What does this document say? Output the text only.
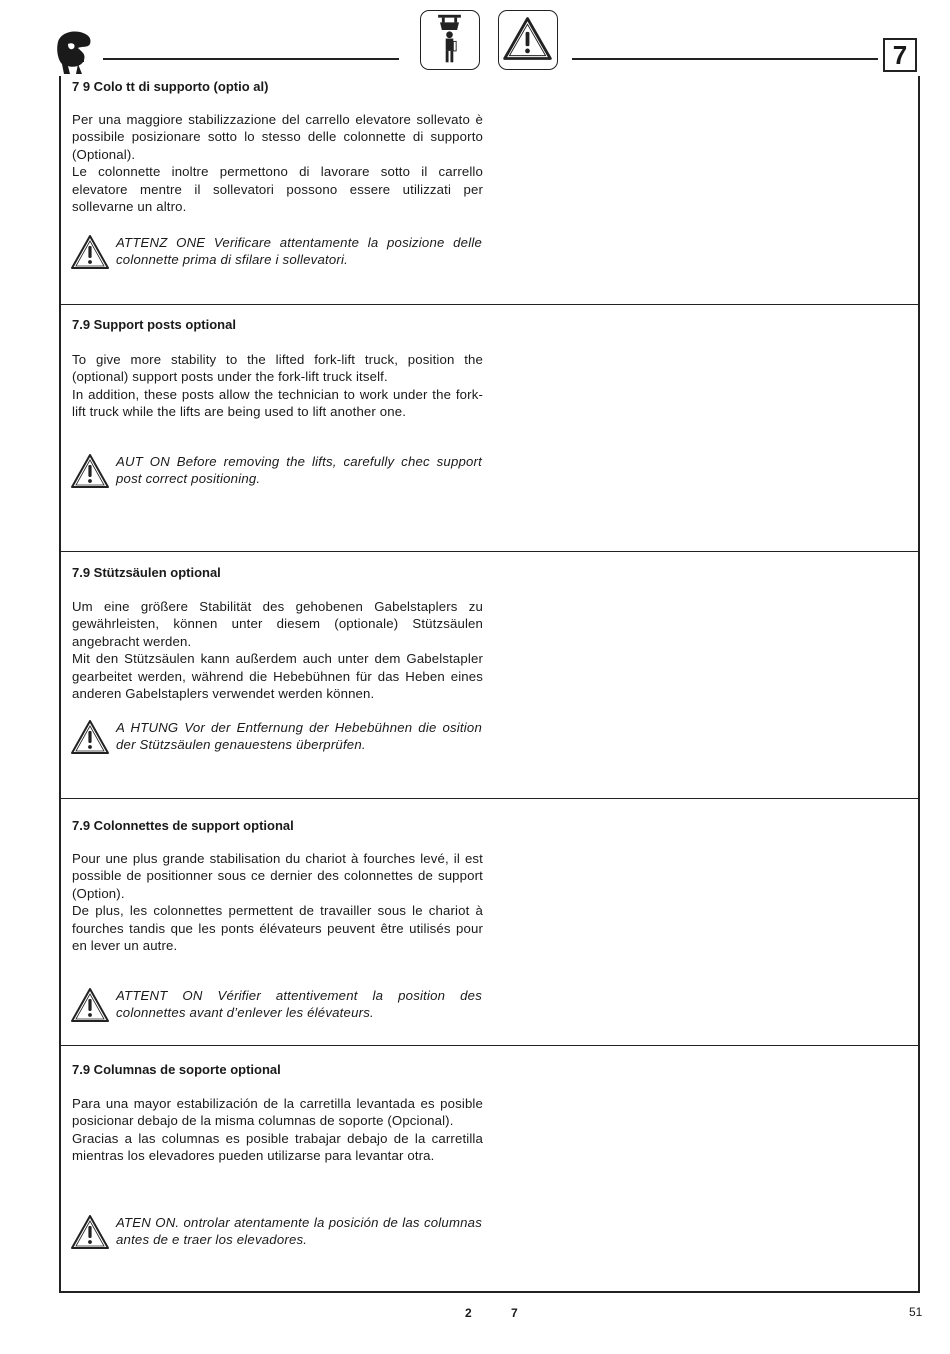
7
7 9 Colo tt di supporto (optio al)

Per una maggiore stabilizzazione del carrello elevatore sollevato è possibile posizionare sotto lo stesso delle colonnette di supporto (Optional).

Le colonnette inoltre permettono di lavorare sotto il carrello elevatore mentre il sollevatori possono essere utilizzati per sollevarne un altro.

ATTENZ ONE Verificare attentamente la posizione delle colonnette prima di sfilare i sollevatori.
7.9 Support posts optional

To give more stability to the lifted fork-lift truck, position the (optional) support posts under the fork-lift truck itself.

In addition, these posts allow the technician to work under the fork-lift truck while the lifts are being used to lift another one.

AUT ON Before removing the lifts, carefully chec support post correct positioning.
7.9 Stützsäulen optional

Um eine größere Stabilität des gehobenen Gabelstaplers zu gewährleisten, können unter diesem (optionale) Stützsäulen angebracht werden.

Mit den Stützsäulen kann außerdem auch unter dem Gabelstapler gearbeitet werden, während die Hebebühnen für das Heben eines anderen Gabelstaplers verwendet werden können.

A HTUNG Vor der Entfernung der Hebebühnen die osition der Stützsäulen genauestens überprüfen.
7.9 Colonnettes de support optional

Pour une plus grande stabilisation du chariot à fourches levé, il est possible de positionner sous ce dernier des colonnettes de support (Option).

De plus, les colonnettes permettent de travailler sous le chariot à fourches tandis que les ponts élévateurs peuvent être utilisés pour en lever un autre.

ATTENT ON Vérifier attentivement la position des colonnettes avant d’enlever les élévateurs.
7.9 Columnas de soporte optional

Para una mayor estabilización de la carretilla levantada es posible posicionar debajo de la misma columnas de soporte (Opcional).

Gracias a las columnas es posible trabajar debajo de la carretilla mientras los elevadores pueden utilizarse para levantar otra.

ATEN ON. ontrolar atentamente la posición de las columnas antes de e traer los elevadores.
2	7	51
